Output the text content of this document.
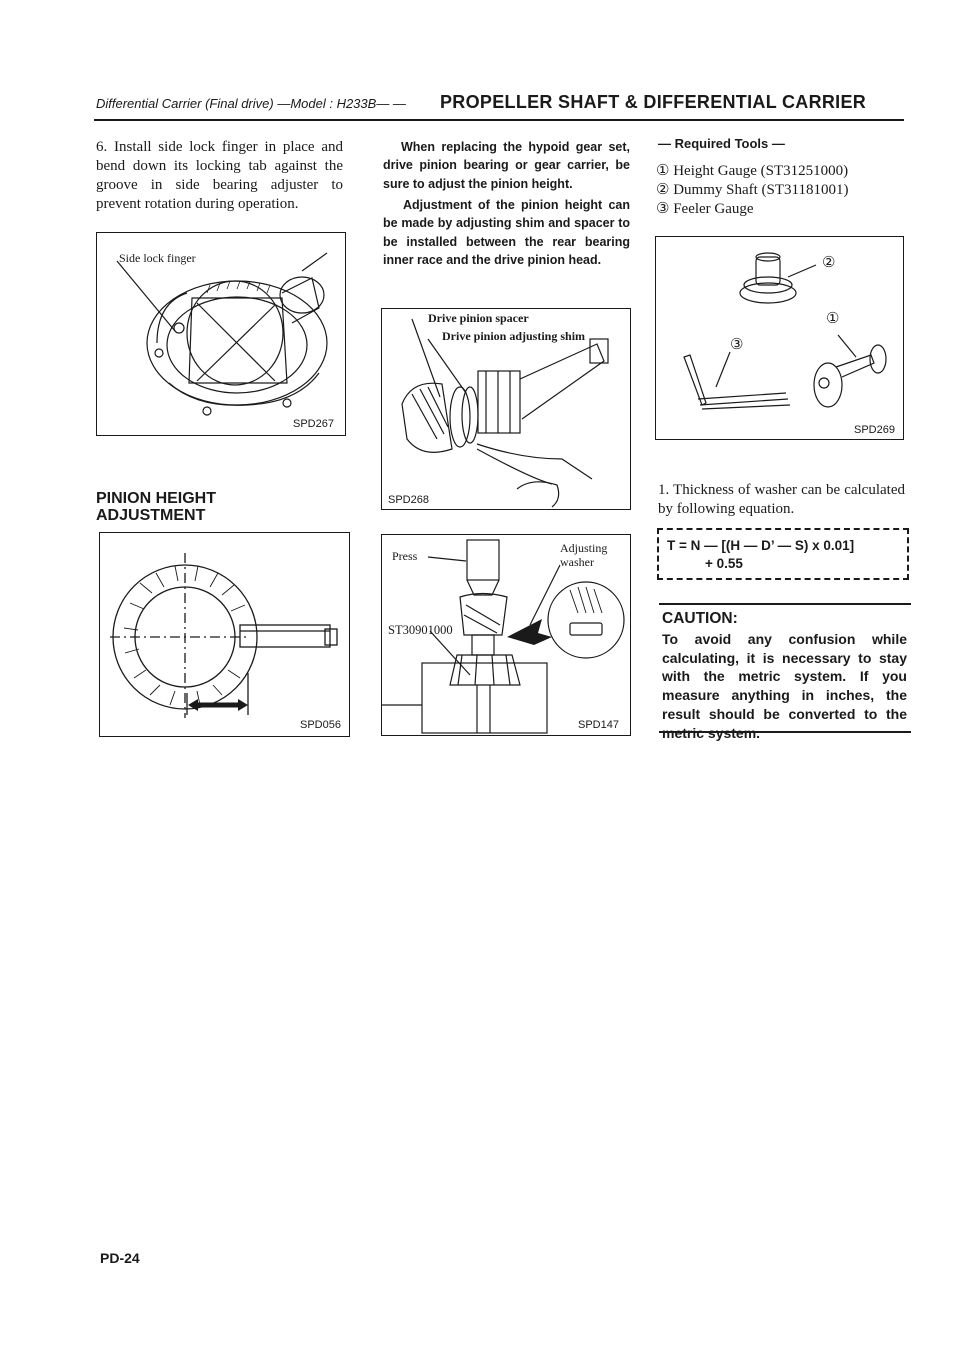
Differential Carrier (Final drive) —Model : H233B— — PROPELLER SHAFT & DIFFERENTIAL CARRIER
6. Install side lock finger in place and bend down its locking tab against the groove in side bearing adjuster to prevent rotation during operation.
Side lock finger
SPD267
PINION HEIGHT
ADJUSTMENT
SPD056
When replacing the hypoid gear set, drive pinion bearing or gear carrier, be sure to adjust the pinion height.
Adjustment of the pinion height can be made by adjusting shim and spacer to be installed between the rear bearing inner race and the drive pinion head.
Drive pinion spacer
Drive pinion adjusting shim
SPD268
Press
ST30901000
Adjusting
washer
SPD147
— Required Tools —
① Height Gauge (ST31251000)
② Dummy Shaft (ST31181001)
③ Feeler Gauge
②
①
③
SPD269
1. Thickness of washer can be calculated by following equation.
T = N — [(H — D’ — S) x 0.01]
+ 0.55
CAUTION:
To avoid any confusion while calculating, it is necessary to stay with the metric system. If you measure anything in inches, the result should be converted to the metric system.
PD-24
